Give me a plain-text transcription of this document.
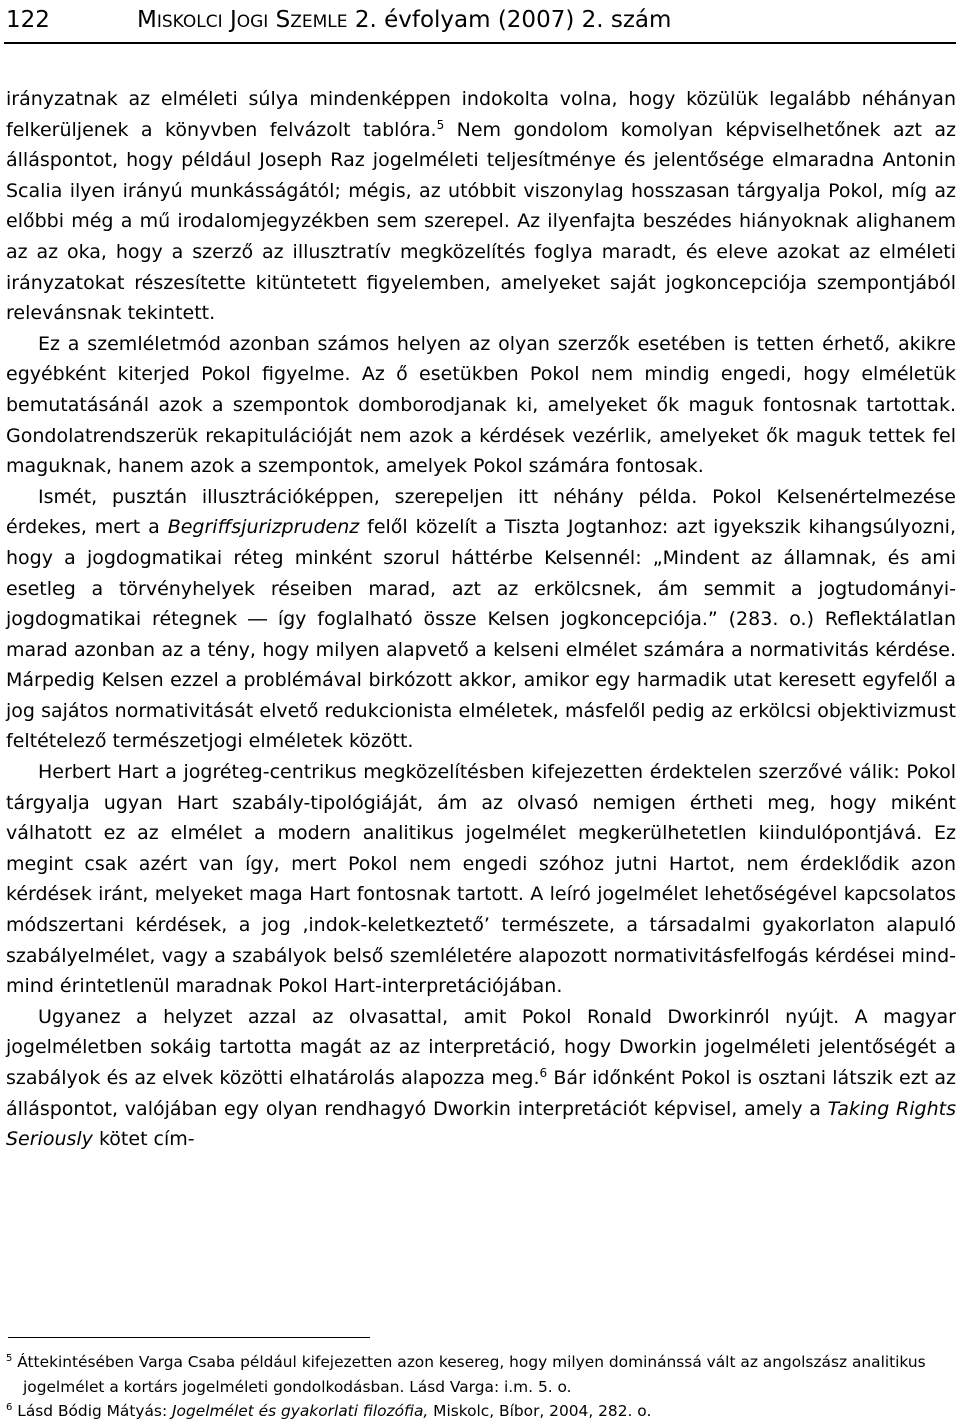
122	MISKOLCI JOGI SZEMLE 2. évfolyam (2007) 2. szám

irányzatnak az elméleti súlya mindenképpen indokolta volna, hogy közülük legalább néhányan felkerüljenek a könyvben felvázolt tablóra.$^5$ Nem gondolom komolyan képviselhetőnek azt az álláspontot, hogy például Joseph Raz jogelméleti teljesítménye és jelentősége elmaradna Antonin Scalia ilyen irányú munkásságától; mégis, az utóbbit viszonylag hosszasan tárgyalja Pokol, míg az előbbi még a mű irodalomjegyzékben sem szerepel. Az ilyenfajta beszédes hiányoknak alighanem az az oka, hogy a szerző az illusztratív megközelítés foglya maradt, és eleve azokat az elméleti irányzatokat részesítette kitüntetett figyelemben, amelyeket saját jogkoncepciója szempontjából relevánsnak tekintett.

Ez a szemléletmód azonban számos helyen az olyan szerzők esetében is tetten érhető, akikre egyébként kiterjed Pokol figyelme. Az ő esetükben Pokol nem mindig engedi, hogy elméletük bemutatásánál azok a szempontok domborodjanak ki, amelyeket ők maguk fontosnak tartottak. Gondolatrendszerük rekapitulációját nem azok a kérdések vezérlik, amelyeket ők maguk tettek fel maguknak, hanem azok a szempontok, amelyek Pokol számára fontosak.

Ismét, pusztán illusztrációképpen, szerepeljen itt néhány példa. Pokol Kelsenértelmezése érdekes, mert a Begriffsjurizprudenz felől közelít a Tiszta Jogtanhoz: azt igyekszik kihangsúlyozni, hogy a jogdogmatikai réteg minként szorul háttérbe Kelsennél: „Mindent az államnak, és ami esetleg a törvényhelyek réseiben marad, azt az erkölcsnek, ám semmit a jogtudományi-jogdogmatikai rétegnek ― így foglalható össze Kelsen jogkoncepciója.” (283. o.) Reflektálatlan marad azonban az a tény, hogy milyen alapvető a kelseni elmélet számára a normativitás kérdése. Márpedig Kelsen ezzel a problémával birkózott akkor, amikor egy harmadik utat keresett egyfelől a jog sajátos normativitását elvető redukcionista elméletek, másfelől pedig az erkölcsi objektivizmust feltételező természetjogi elméletek között.

Herbert Hart a jogréteg-centrikus megközelítésben kifejezetten érdektelen szerzővé válik: Pokol tárgyalja ugyan Hart szabály-tipológiáját, ám az olvasó nemigen értheti meg, hogy miként válhatott ez az elmélet a modern analitikus jogelmélet megkerülhetetlen kiindulópontjává. Ez megint csak azért van így, mert Pokol nem engedi szóhoz jutni Hartot, nem érdeklődik azon kérdések iránt, melyeket maga Hart fontosnak tartott. A leíró jogelmélet lehetőségével kapcsolatos módszertani kérdések, a jog ‚indok-keletkeztető’ természete, a társadalmi gyakorlaton alapuló szabályelmélet, vagy a szabályok belső szemléletére alapozott normativitásfelfogás kérdései mind-mind érintetlenül maradnak Pokol Hart-interpretációjában.

Ugyanez a helyzet azzal az olvasattal, amit Pokol Ronald Dworkinról nyújt. A magyar jogelméletben sokáig tartotta magát az az interpretáció, hogy Dworkin jogelméleti jelentőségét a szabályok és az elvek közötti elhatárolás alapozza meg.$^6$ Bár időnként Pokol is osztani látszik ezt az álláspontot, valójában egy olyan rendhagyó Dworkin interpretációt képvisel, amely a Taking Rights Seriously kötet cím-

$^5$ Áttekintésében Varga Csaba például kifejezetten azon kesereg, hogy milyen dominánssá vált az angolszász analitikus jogelmélet a kortárs jogelméleti gondolkodásban. Lásd Varga: i.m. 5. o.

$^6$ Lásd Bódig Mátyás: Jogelmélet és gyakorlati filozófia, Miskolc, Bíbor, 2004, 282. o.
